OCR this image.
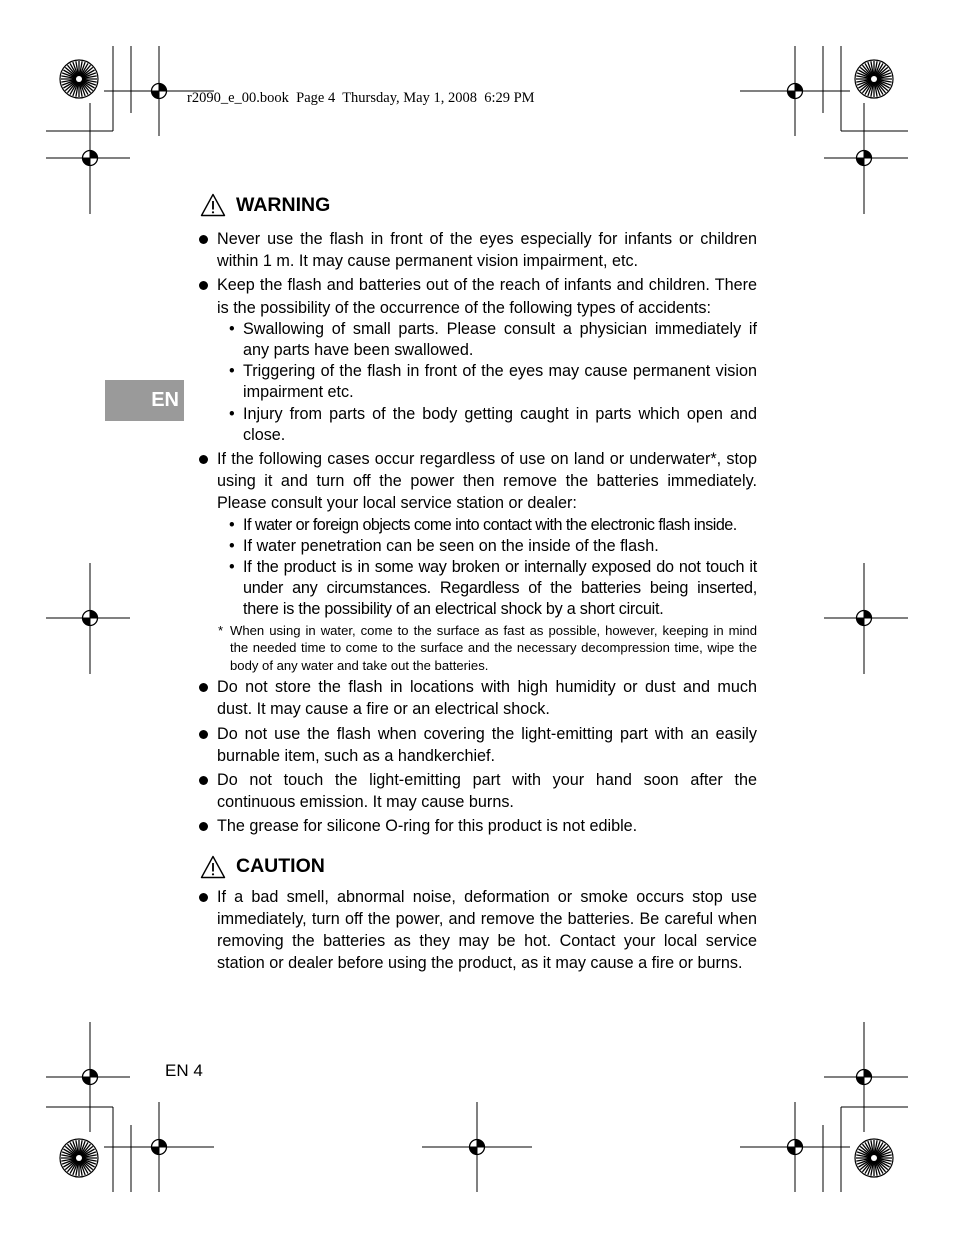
r2090_e_00.book  Page 4  Thursday, May 1, 2008  6:29 PM
EN
WARNING
Never use the flash in front of the eyes especially for infants or children within 1 m. It may cause permanent vision impairment, etc.
Keep the flash and batteries out of the reach of infants and children. There is the possibility of the occurrence of the following types of accidents:
• Swallowing of small parts. Please consult a physician immediately if any parts have been swallowed.
• Triggering of the flash in front of the eyes may cause permanent vision impairment etc.
• Injury from parts of the body getting caught in parts which open and close.
If the following cases occur regardless of use on land or underwater*, stop using it and turn off the power then remove the batteries immediately. Please consult your local service station or dealer:
• If water or foreign objects come into contact with the electronic flash inside.
• If water penetration can be seen on the inside of the flash.
• If the product is in some way broken or internally exposed do not touch it under any circumstances. Regardless of the batteries being inserted, there is the possibility of an electrical shock by a short circuit.
* When using in water, come to the surface as fast as possible, however, keeping in mind the needed time to come to the surface and the necessary decompression time, wipe the body of any water and take out the batteries.
Do not store the flash in locations with high humidity or dust and much dust. It may cause a fire or an electrical shock.
Do not use the flash when covering the light-emitting part with an easily burnable item, such as a handkerchief.
Do not touch the light-emitting part with your hand soon after the continuous emission. It may cause burns.
The grease for silicone O-ring for this product is not edible.
CAUTION
If a bad smell, abnormal noise, deformation or smoke occurs stop use immediately, turn off the power, and remove the batteries. Be careful when removing the batteries as they may be hot. Contact your local service station or dealer before using the product, as it may cause a fire or burns.
EN 4
